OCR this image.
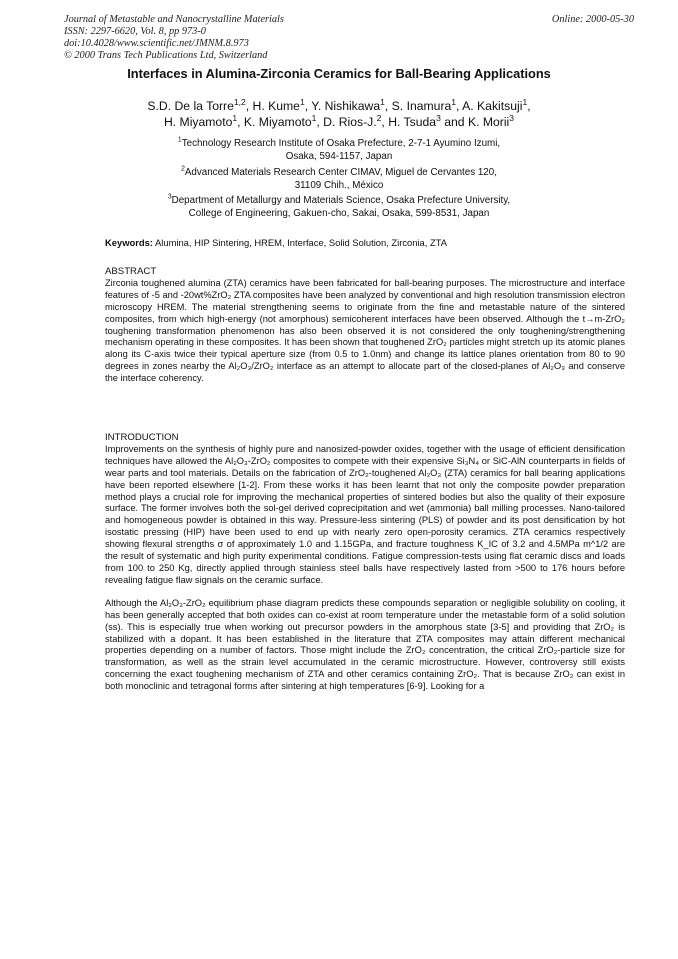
Journal of Metastable and Nanocrystalline Materials
ISSN: 2297-6620, Vol. 8, pp 973-0
doi:10.4028/www.scientific.net/JMNM.8.973
© 2000 Trans Tech Publications Ltd, Switzerland
Online: 2000-05-30
Interfaces in Alumina-Zirconia Ceramics for Ball-Bearing Applications
S.D. De la Torre$^{1,2}$, H. Kume$^1$, Y. Nishikawa$^1$, S. Inamura$^1$, A. Kakitsuji$^1$,
H. Miyamoto$^1$, K. Miyamoto$^1$, D. Rios-J.$^2$, H. Tsuda$^3$ and K. Morii$^3$
$^1$Technology Research Institute of Osaka Prefecture, 2-7-1 Ayumino Izumi,
Osaka, 594-1157, Japan
$^2$Advanced Materials Research Center CIMAV, Miguel de Cervantes 120,
31109 Chih., México
$^3$Department of Metallurgy and Materials Science, Osaka Prefecture University,
College of Engineering, Gakuen-cho, Sakai, Osaka, 599-8531, Japan
Keywords: Alumina, HIP Sintering, HREM, Interface, Solid Solution, Zirconia, ZTA
ABSTRACT

Zirconia toughened alumina (ZTA) ceramics have been fabricated for ball-bearing purposes. The microstructure and interface features of -5 and -20wt%ZrO₂ ZTA composites have been analyzed by conventional and high resolution transmission electron microscopy HREM. The material strengthening seems to originate from the fine and metastable nature of the sintered composites, from which high-energy (not amorphous) semicoherent interfaces have been observed. Although the t→m-ZrO₂ toughening transformation phenomenon has also been observed it is not considered the only toughening/strengthening mechanism operating in these composites. It has been shown that toughened ZrO₂ particles might stretch up its atomic planes along its C-axis twice their typical aperture size (from 0.5 to 1.0nm) and change its lattice planes orientation from 80 to 90 degrees in zones nearby the Al₂O₃/ZrO₂ interface as an attempt to allocate part of the closed-planes of Al₂O₃ and conserve the interface coherency.

INTRODUCTION

Improvements on the synthesis of highly pure and nanosized-powder oxides, together with the usage of efficient densification techniques have allowed the Al₂O₃-ZrO₂ composites to compete with their expensive Si₃N₄ or SiC-AlN counterparts in fields of wear parts and tool materials. Details on the fabrication of ZrO₂-toughened Al₂O₃ (ZTA) ceramics for ball bearing applications have been reported elsewhere [1-2]. From these works it has been learnt that not only the composite powder preparation method plays a crucial role for improving the mechanical properties of sintered bodies but also the quality of their exposure surface. The former involves both the sol-gel derived coprecipitation and wet (ammonia) ball milling processes. Nano-tailored and homogeneous powder is obtained in this way. Pressure-less sintering (PLS) of powder and its post densification by hot isostatic pressing (HIP) have been used to end up with nearly zero open-porosity ceramics. ZTA ceramics respectively showing flexural strengths σ of approximately 1.0 and 1.15GPa, and fracture toughness K_IC of 3.2 and 4.5MPa m^1/2 are the result of systematic and high purity experimental conditions. Fatigue compression-tests using flat ceramic discs and loads from 100 to 250 Kg, directly applied through stainless steel balls have respectively lasted from >500 to 176 hours before revealing fatigue flaw signals on the ceramic surface.

Although the Al₂O₃-ZrO₂ equilibrium phase diagram predicts these compounds separation or negligible solubility on cooling, it has been generally accepted that both oxides can co-exist at room temperature under the metastable form of a solid solution (ss). This is especially true when working out precursor powders in the amorphous state [3-5] and providing that ZrO₂ is stabilized with a dopant. It has been established in the literature that ZTA composites may attain different mechanical properties depending on a number of factors. Those might include the ZrO₂ concentration, the critical ZrO₂-particle size for transformation, as well as the strain level accumulated in the ceramic microstructure. However, controversy still exists concerning the exact toughening mechanism of ZTA and other ceramics containing ZrO₂. That is because ZrO₂ can exist in both monoclinic and tetragonal forms after sintering at high temperatures [6-9]. Looking for a
